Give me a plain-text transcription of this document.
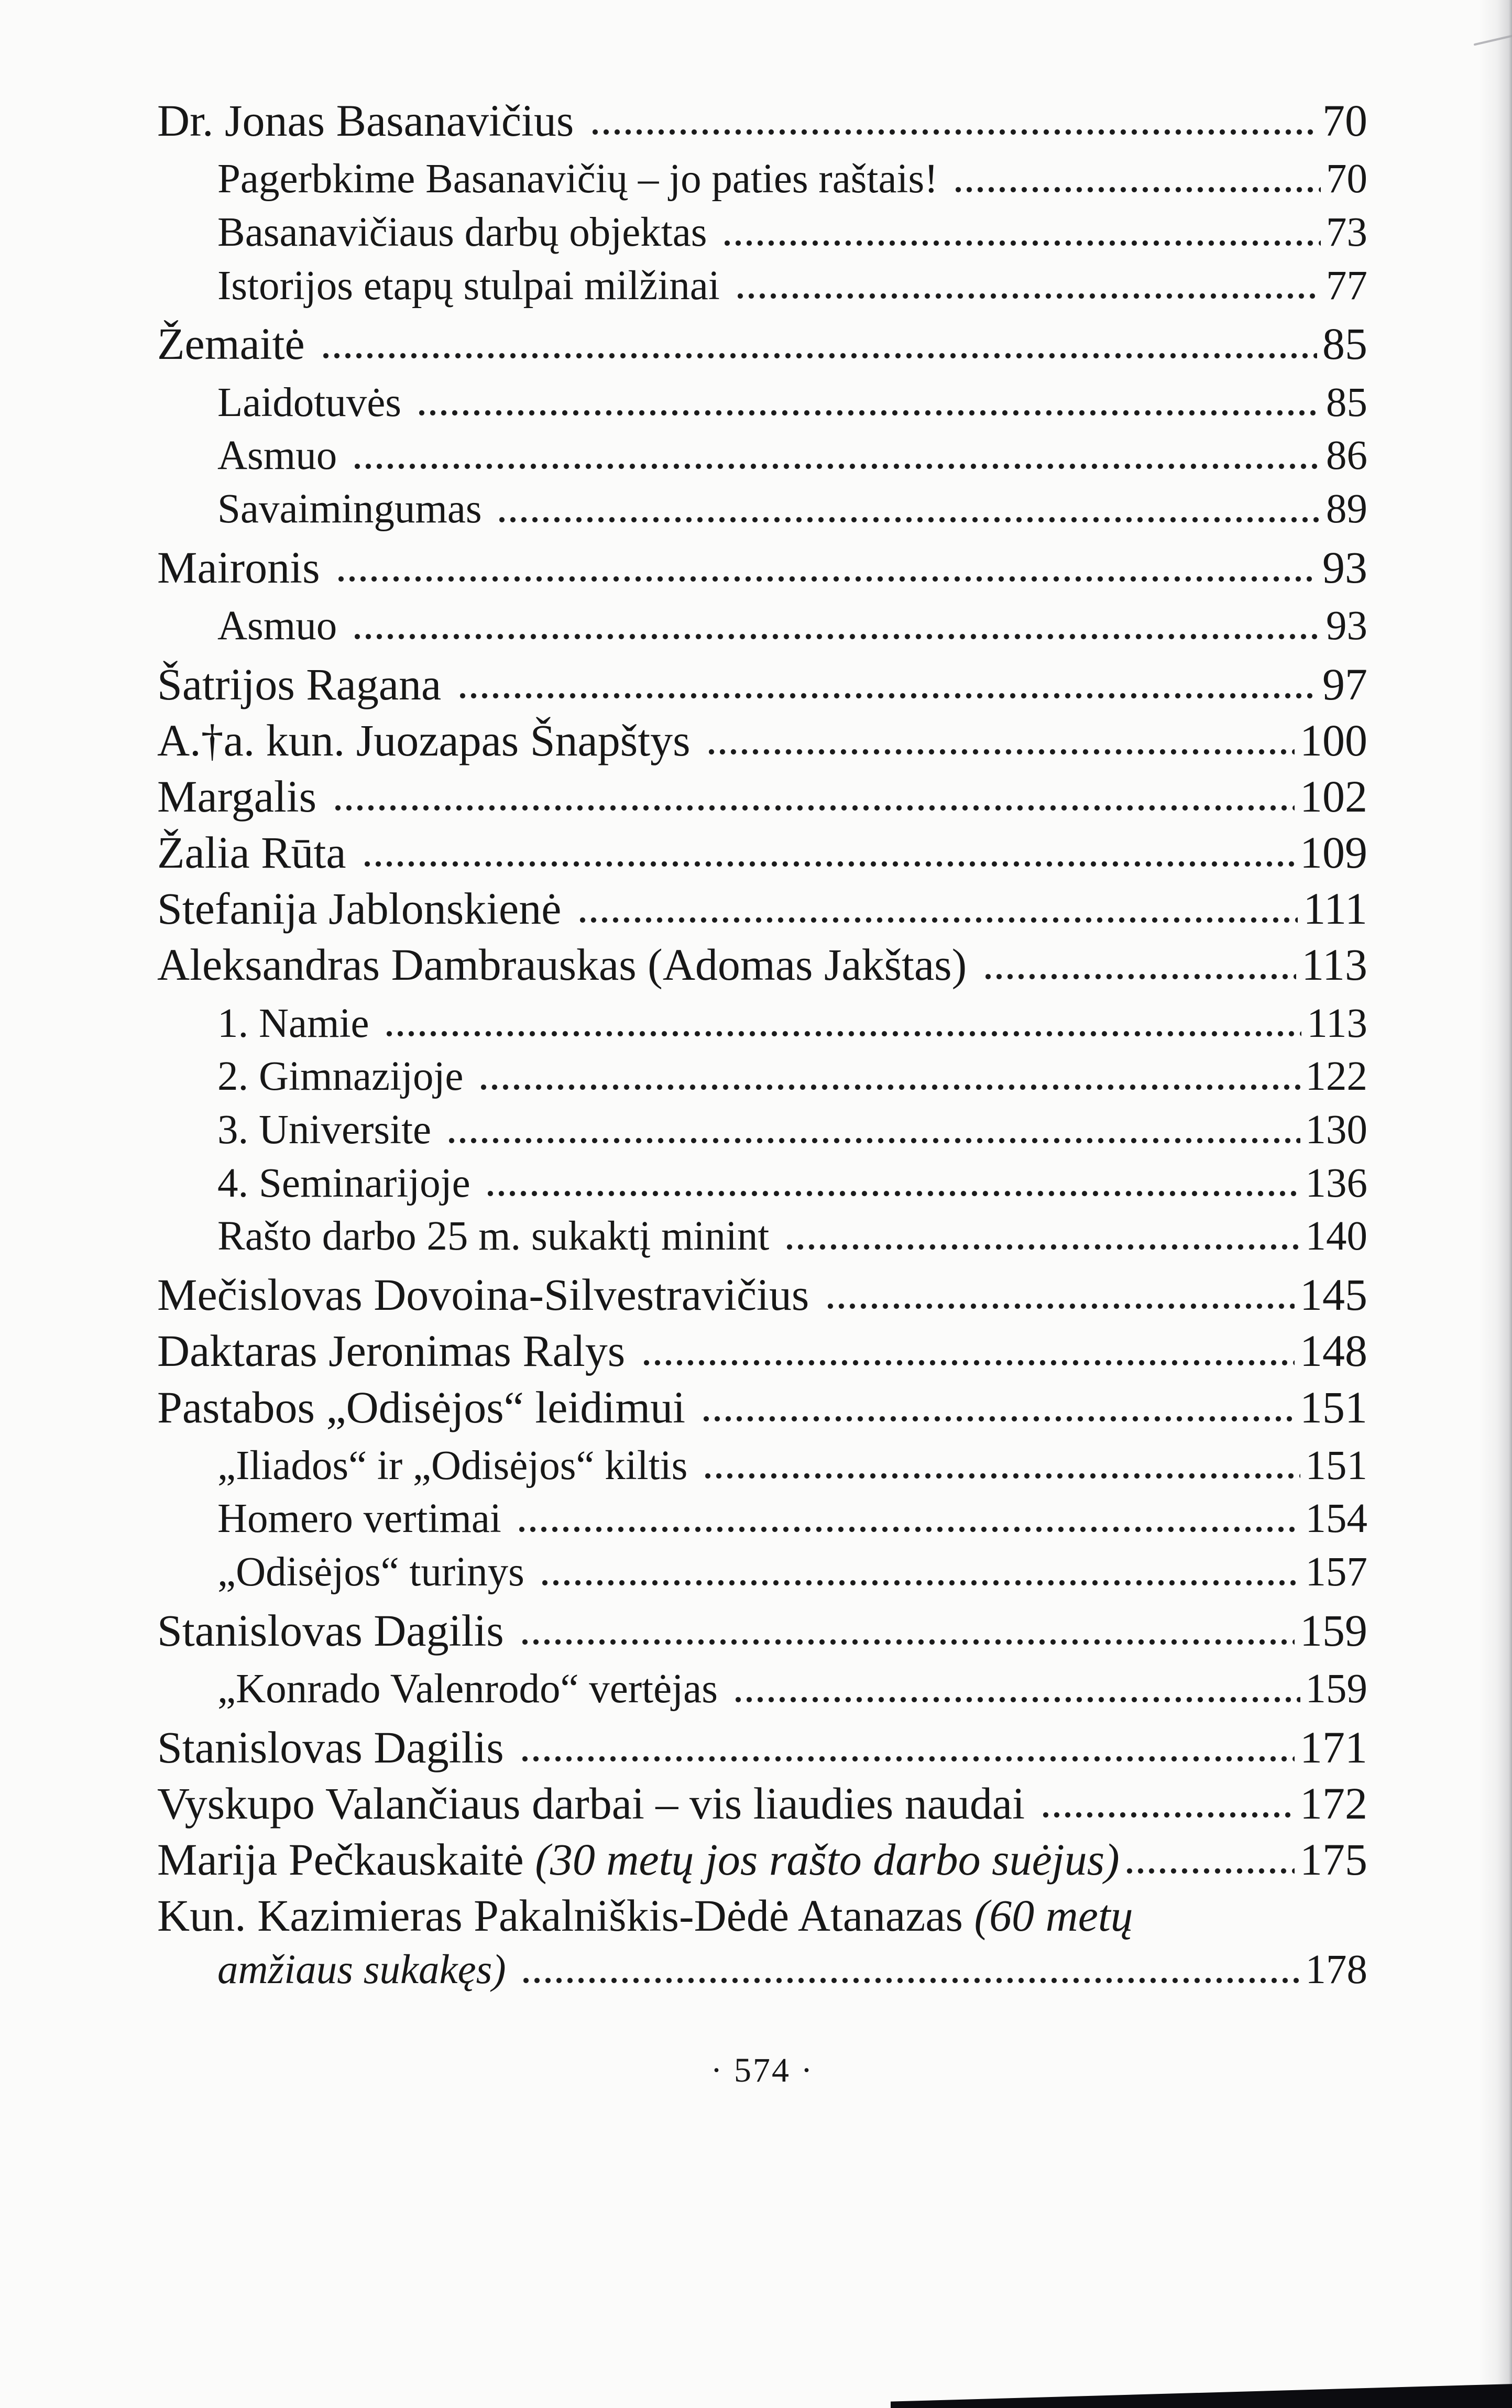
Dr. Jonas Basanavičius	70
Pagerbkime Basanavičių – jo paties raštais!	70
Basanavičiaus darbų objektas	73
Istorijos etapų stulpai milžinai	77
Žemaitė	85
Laidotuvės	85
Asmuo	86
Savaimingumas	89
Maironis	93
Asmuo	93
Šatrijos Ragana	97
A.†a. kun. Juozapas Šnapštys	100
Margalis	102
Žalia Rūta	109
Stefanija Jablonskienė	111
Aleksandras Dambrauskas (Adomas Jakštas)	113
1. Namie	113
2. Gimnazijoje	122
3. Universite	130
4. Seminarijoje	136
Rašto darbo 25 m. sukaktį minint	140
Mečislovas Dovoina-Silvestravičius	145
Daktaras Jeronimas Ralys	148
Pastabos „Odisėjos“ leidimui	151
„Iliados“ ir „Odisėjos“ kiltis	151
Homero vertimai	154
„Odisėjos“ turinys	157
Stanislovas Dagilis	159
„Konrado Valenrodo“ vertėjas	159
Stanislovas Dagilis	171
Vyskupo Valančiaus darbai – vis liaudies naudai	172
Marija Pečkauskaitė (30 metų jos rašto darbo suėjus)	175
Kun. Kazimieras Pakalniškis-Dėdė Atanazas (60 metų
amžiaus sukakęs)	178
· 574 ·
